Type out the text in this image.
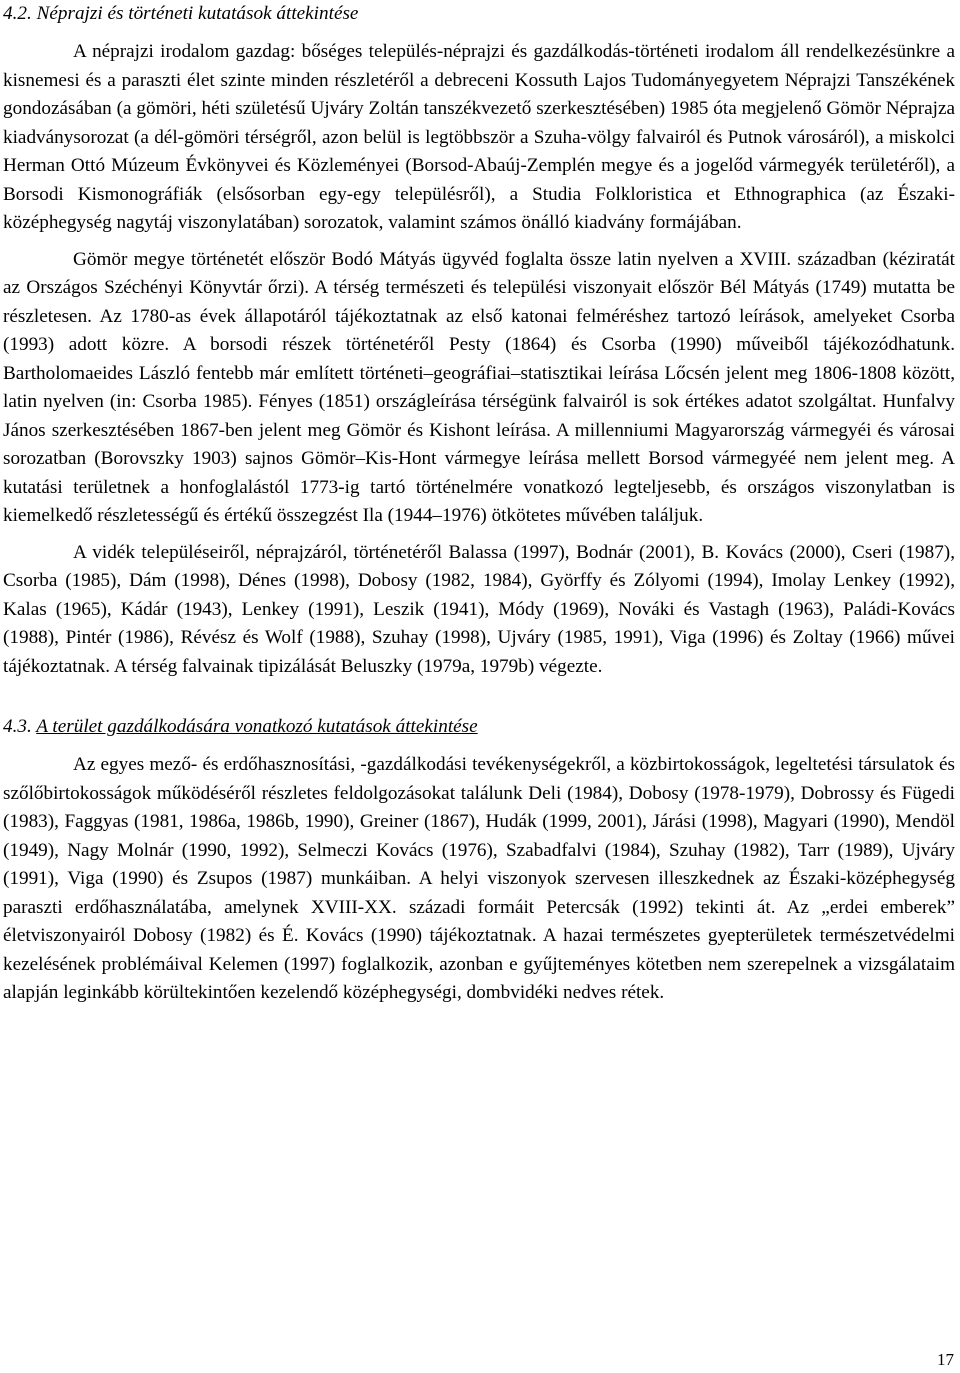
4.2. Néprajzi és történeti kutatások áttekintése

A néprajzi irodalom gazdag: bőséges település-néprajzi és gazdálkodás-történeti irodalom áll rendelkezésünkre a kisnemesi és a paraszti élet szinte minden részletéről a debreceni Kossuth Lajos Tudományegyetem Néprajzi Tanszékének gondozásában (a gömöri, héti születésű Ujváry Zoltán tanszékvezető szerkesztésében) 1985 óta megjelenő Gömör Néprajza kiadványsorozat (a dél-gömöri térségről, azon belül is legtöbbször a Szuha-völgy falvairól és Putnok városáról), a miskolci Herman Ottó Múzeum Évkönyvei és Közleményei (Borsod-Abaúj-Zemplén megye és a jogelőd vármegyék területéről), a Borsodi Kismonográfiák (elsősorban egy-egy településről), a Studia Folkloristica et Ethnographica (az Északi-középhegység nagytáj viszonylatában) sorozatok, valamint számos önálló kiadvány formájában.

Gömör megye történetét először Bodó Mátyás ügyvéd foglalta össze latin nyelven a XVIII. században (kéziratát az Országos Széchényi Könyvtár őrzi). A térség természeti és települési viszonyait először Bél Mátyás (1749) mutatta be részletesen. Az 1780-as évek állapotáról tájékoztatnak az első katonai felméréshez tartozó leírások, amelyeket Csorba (1993) adott közre. A borsodi részek történetéről Pesty (1864) és Csorba (1990) műveiből tájékozódhatunk. Bartholomaeides László fentebb már említett történeti–geográfiai–statisztikai leírása Lőcsén jelent meg 1806-1808 között, latin nyelven (in: Csorba 1985). Fényes (1851) országleírása térségünk falvairól is sok értékes adatot szolgáltat. Hunfalvy János szerkesztésében 1867-ben jelent meg Gömör és Kishont leírása. A millenniumi Magyarország vármegyéi és városai sorozatban (Borovszky 1903) sajnos Gömör–Kis-Hont vármegye leírása mellett Borsod vármegyéé nem jelent meg. A kutatási területnek a honfoglalástól 1773-ig tartó történelmére vonatkozó legteljesebb, és országos viszonylatban is kiemelkedő részletességű és értékű összegzést Ila (1944–1976) ötkötetes művében találjuk.

A vidék településeiről, néprajzáról, történetéről Balassa (1997), Bodnár (2001), B. Kovács (2000), Cseri (1987), Csorba (1985), Dám (1998), Dénes (1998), Dobosy (1982, 1984), Györffy és Zólyomi (1994), Imolay Lenkey (1992), Kalas (1965), Kádár (1943), Lenkey (1991), Leszik (1941), Módy (1969), Nováki és Vastagh (1963), Paládi-Kovács (1988), Pintér (1986), Révész és Wolf (1988), Szuhay (1998), Ujváry (1985, 1991), Viga (1996) és Zoltay (1966) művei tájékoztatnak. A térség falvainak tipizálását Beluszky (1979a, 1979b) végezte.

4.3. A terület gazdálkodására vonatkozó kutatások áttekintése

Az egyes mező- és erdőhasznosítási, -gazdálkodási tevékenységekről, a közbirtokosságok, legeltetési társulatok és szőlőbirtokosságok működéséről részletes feldolgozásokat találunk Deli (1984), Dobosy (1978-1979), Dobrossy és Fügedi (1983), Faggyas (1981, 1986a, 1986b, 1990), Greiner (1867), Hudák (1999, 2001), Járási (1998), Magyari (1990), Mendöl (1949), Nagy Molnár (1990, 1992), Selmeczi Kovács (1976), Szabadfalvi (1984), Szuhay (1982), Tarr (1989), Ujváry (1991), Viga (1990) és Zsupos (1987) munkáiban. A helyi viszonyok szervesen illeszkednek az Északi-középhegység paraszti erdőhasználatába, amelynek XVIII-XX. századi formáit Petercsák (1992) tekinti át. Az „erdei emberek” életviszonyairól Dobosy (1982) és É. Kovács (1990) tájékoztatnak. A hazai természetes gyepterületek természetvédelmi kezelésének problémáival Kelemen (1997) foglalkozik, azonban e gyűjteményes kötetben nem szerepelnek a vizsgálataim alapján leginkább körültekintően kezelendő középhegységi, dombvidéki nedves rétek.

17
